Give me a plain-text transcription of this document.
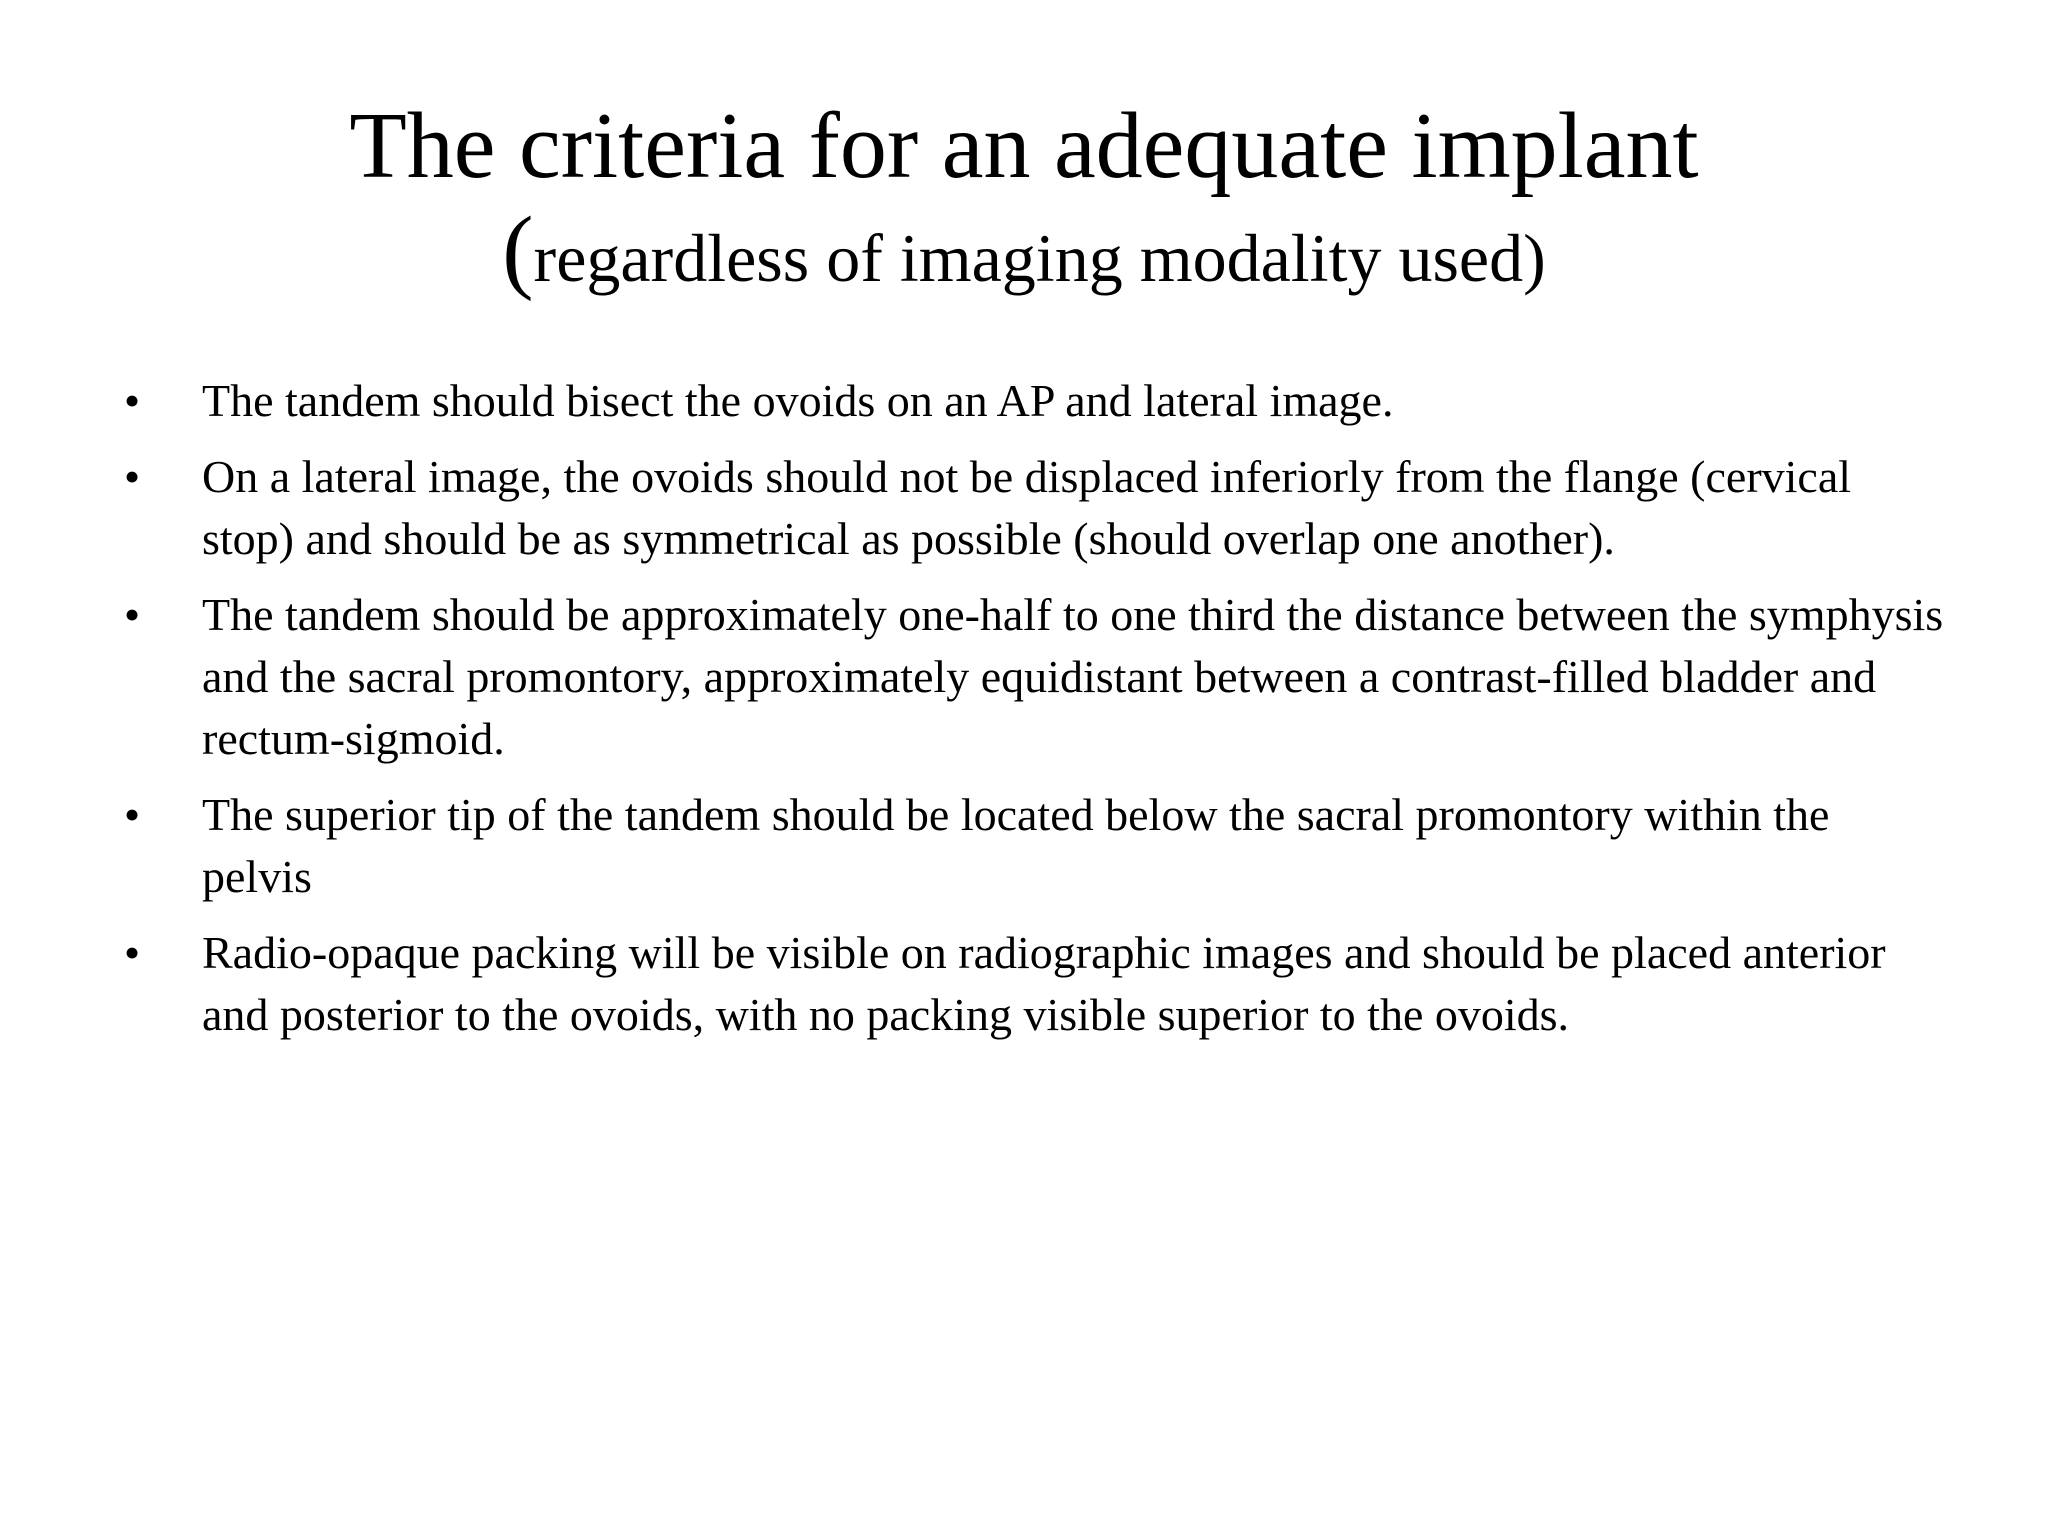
The criteria for an adequate implant

(regardless of imaging modality used)

• The tandem should bisect the ovoids on an AP and lateral image.
• On a lateral image, the ovoids should not be displaced inferiorly from the flange (cervical stop) and should be as symmetrical as possible (should overlap one another).
• The tandem should be approximately one-half to one third the distance between the symphysis and the sacral promontory, approximately equidistant between a contrast-filled bladder and rectum-sigmoid.
• The superior tip of the tandem should be located below the sacral promontory within the pelvis
• Radio-opaque packing will be visible on radiographic images and should be placed anterior and posterior to the ovoids, with no packing visible superior to the ovoids.
